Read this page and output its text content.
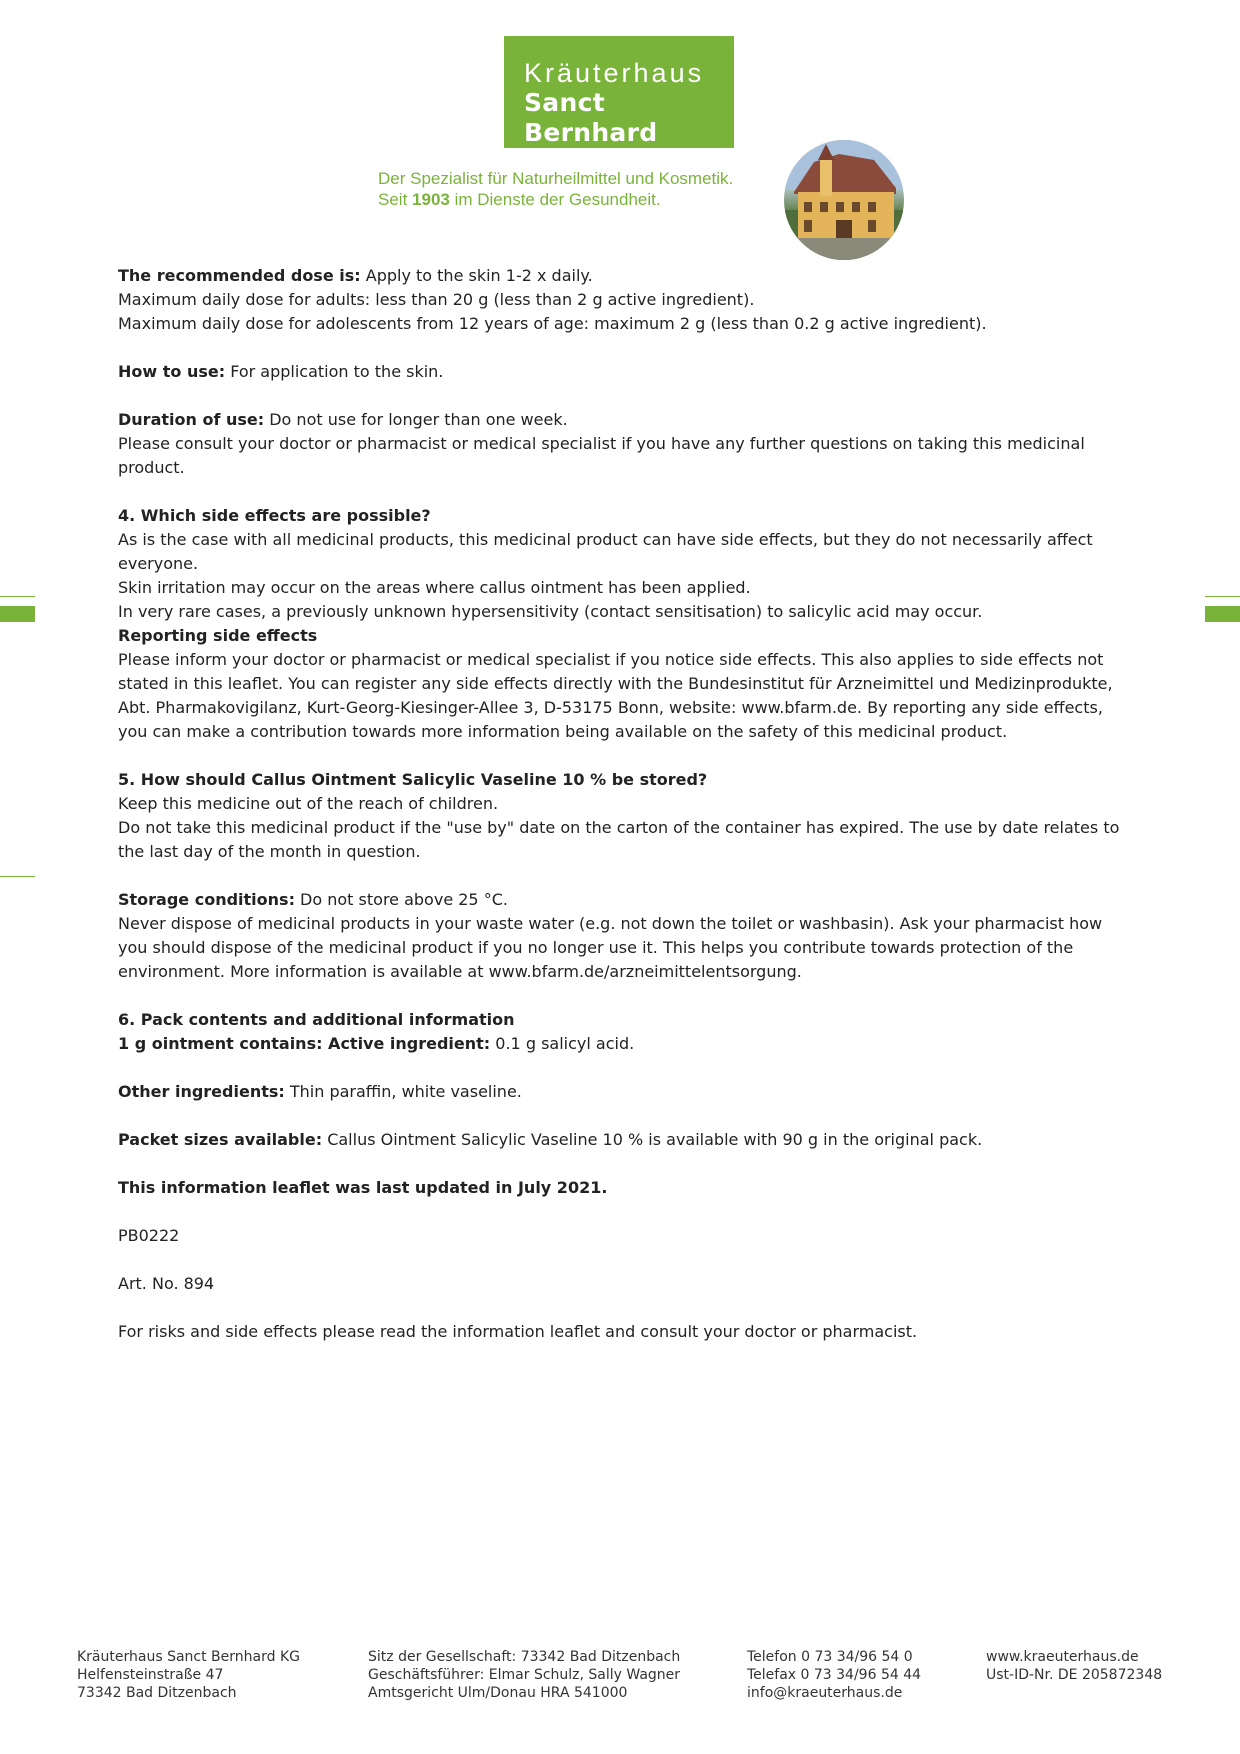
Kräuterhaus
Sanct Bernhard
Der Spezialist für Naturheilmittel und Kosmetik.
Seit 1903 im Dienste der Gesundheit.

The recommended dose is: Apply to the skin 1-2 x daily.
Maximum daily dose for adults: less than 20 g (less than 2 g active ingredient).
Maximum daily dose for adolescents from 12 years of age: maximum 2 g (less than 0.2 g active ingredient).

How to use: For application to the skin.

Duration of use: Do not use for longer than one week.
Please consult your doctor or pharmacist or medical specialist if you have any further questions on taking this medicinal product.

4. Which side effects are possible?
As is the case with all medicinal products, this medicinal product can have side effects, but they do not necessarily affect everyone.
Skin irritation may occur on the areas where callus ointment has been applied.
In very rare cases, a previously unknown hypersensitivity (contact sensitisation) to salicylic acid may occur.
Reporting side effects
Please inform your doctor or pharmacist or medical specialist if you notice side effects. This also applies to side effects not stated in this leaflet. You can register any side effects directly with the Bundesinstitut für Arzneimittel und Medizinprodukte, Abt. Pharmakovigilanz, Kurt-Georg-Kiesinger-Allee 3, D-53175 Bonn, website: www.bfarm.de. By reporting any side effects, you can make a contribution towards more information being available on the safety of this medicinal product.

5. How should Callus Ointment Salicylic Vaseline 10 % be stored?
Keep this medicine out of the reach of children.
Do not take this medicinal product if the "use by" date on the carton of the container has expired. The use by date relates to the last day of the month in question.

Storage conditions: Do not store above 25 °C.
Never dispose of medicinal products in your waste water (e.g. not down the toilet or washbasin). Ask your pharmacist how you should dispose of the medicinal product if you no longer use it. This helps you contribute towards protection of the environment. More information is available at www.bfarm.de/arzneimittelentsorgung.

6. Pack contents and additional information
1 g ointment contains: Active ingredient: 0.1 g salicyl acid.

Other ingredients: Thin paraffin, white vaseline.

Packet sizes available: Callus Ointment Salicylic Vaseline 10 % is available with 90 g in the original pack.

This information leaflet was last updated in July 2021.

PB0222

Art. No. 894

For risks and side effects please read the information leaflet and consult your doctor or pharmacist.

Kräuterhaus Sanct Bernhard KG
Helfensteinstraße 47
73342 Bad Ditzenbach
Sitz der Gesellschaft: 73342 Bad Ditzenbach
Geschäftsführer: Elmar Schulz, Sally Wagner
Amtsgericht Ulm/Donau HRA 541000
Telefon 0 73 34/96 54 0
Telefax 0 73 34/96 54 44
info@kraeuterhaus.de
www.kraeuterhaus.de
Ust-ID-Nr. DE 205872348
